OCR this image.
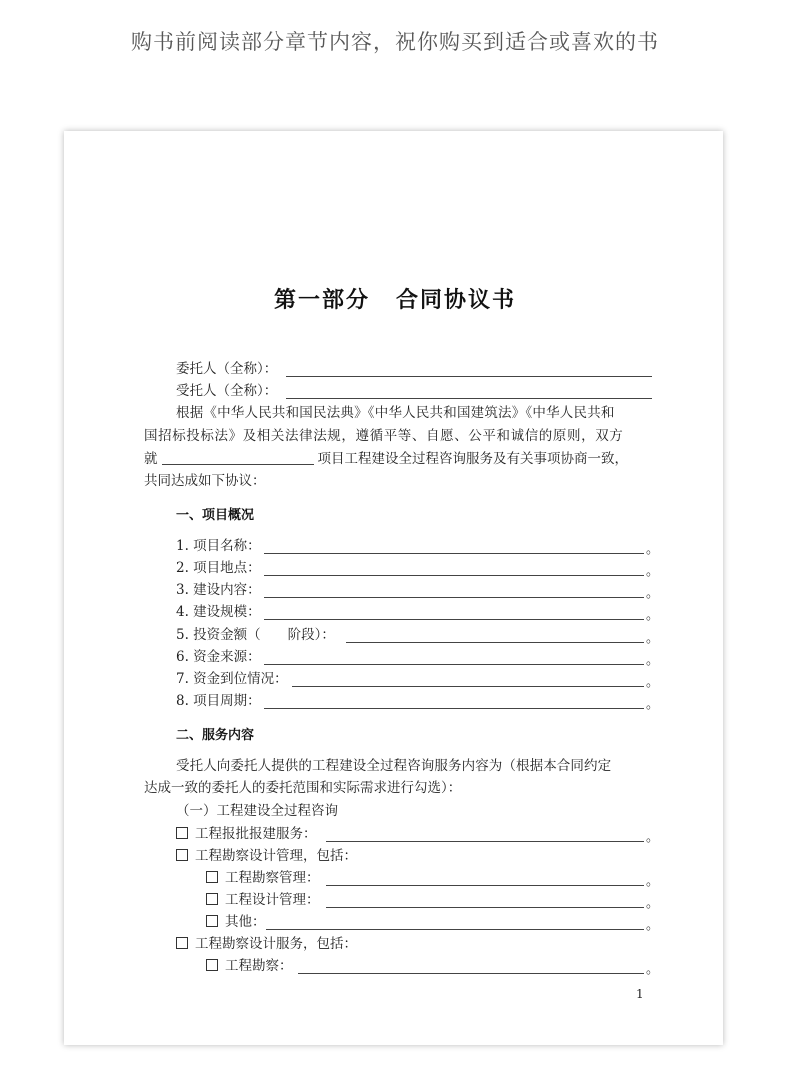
购书前阅读部分章节内容，祝你购买到适合或喜欢的书
第一部分 合同协议书
委托人（全称）：
受托人（全称）：
根据《中华人民共和国民法典》《中华人民共和国建筑法》《中华人民共和
国招标投标法》及相关法律法规，遵循平等、自愿、公平和诚信的原则，双方
就	项目工程建设全过程咨询服务及有关事项协商一致，
共同达成如下协议：
一、项目概况
1. 项目名称：	。
2. 项目地点：	。
3. 建设内容：	。
4. 建设规模：	。
5. 投资金额（　　阶段）：	。
6. 资金来源：	。
7. 资金到位情况：	。
8. 项目周期：	。
二、服务内容
受托人向委托人提供的工程建设全过程咨询服务内容为（根据本合同约定
达成一致的委托人的委托范围和实际需求进行勾选）：
（一）工程建设全过程咨询
工程报批报建服务：	。
工程勘察设计管理，包括：
工程勘察管理：	。
工程设计管理：	。
其他：	。
工程勘察设计服务，包括：
工程勘察：	。
1
